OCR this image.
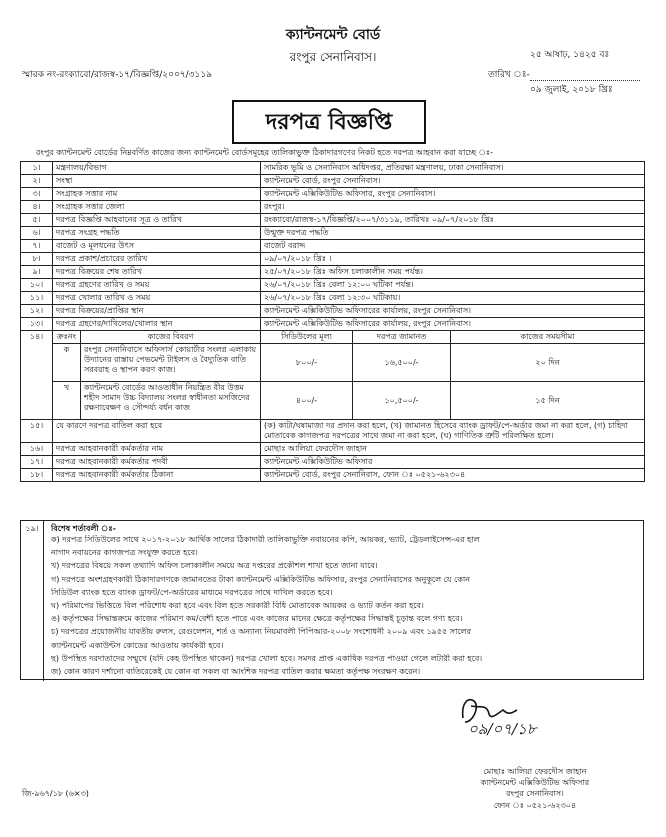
ক্যান্টনমেন্ট বোর্ড
রংপুর সেনানিবাস।	২৫ আষাঢ়, ১৪২৫ বঃ
স্মারক নং-রংক্যাবো/রাজস্ব-১৭/বিজ্ঞপ্তি/২০০৭/৩১১৯	তারিখ ঃ-
০৯ জুলাই, ২০১৮ খ্রিঃ
দরপত্র বিজ্ঞপ্তি
রংপুর ক্যান্টনমেন্ট বোর্ডের নিম্নবর্ণিত কাজের জন্য ক্যান্টনমেন্ট বোর্ডসমূহের তালিকাভুক্ত ঠিকাদারগণের নিকট হতে দরপত্র আহবান করা যাচ্ছে ঃ-
১।	মন্ত্রণালয়/বিভাগ		সামরিক ভূমি ও সেনানিবাস অধিদপ্তর, প্রতিরক্ষা মন্ত্রণালয়, ঢাকা সেনানিবাস।		
২।	সংস্থা		ক্যান্টনমেন্ট বোর্ড, রংপুর সেনানিবাস।		
৩।	সংগ্রাহক সত্তার নাম		ক্যান্টনমেন্ট এক্সিকিউটিভ অফিসার, রংপুর সেনানিবাস।		
৪।	সংগ্রাহক সত্তার জেলা		রংপুর।		
৫।	দরপত্র বিজ্ঞপ্তি আহবানের সূত্র ও তারিখ		রংক্যাবো/রাজস্ব-১৭/বিজ্ঞপ্তি/২০০৭/৩১১৯, তারিখঃ ০৯/০৭/২০১৮ খ্রিঃ		
৬।	দরপত্র সংগ্রহ পদ্ধতি		উন্মুক্ত দরপত্র পদ্ধতি		
৭।	বাজেট ও মূলধনের উৎস		বাজেট বরাদ্দ		
৮।	দরপত্র প্রকাশ/প্রচারের তারিখ		০৯/০৭/২০১৮ খ্রিঃ ।		
৯।	দরপত্র বিক্রয়ের শেষ তারিখ		২৫/০৭/২০১৮ খ্রিঃ অফিস চলাকালীন সময় পর্যন্ত।		
১০।	দরপত্র গ্রহণের তারিখ ও সময়		২৬/০৭/২০১৮ খ্রিঃ বেলা ১২:০০ ঘটিকা পর্যন্ত।		
১১।	দরপত্র খোলার তারিখ ও সময়		২৬/০৭/২০১৮ খ্রিঃ বেলা ১২:৩০ ঘটিকায়।		
১২।	দরপত্র বিক্রয়ের/প্রাপ্তির স্থান		ক্যান্টনমেন্ট এক্সিকিউটিভ অফিসারের কার্যালয়, রংপুর সেনানিবাস।		
১৩।	দরপত্র গ্রহণের/দাখিলের/খোলার স্থান		ক্যান্টনমেন্ট এক্সিকিউটিভ অফিসারের কার্যালয়, রংপুর সেনানিবাস।		
১৪।	ক্রঃনং	কাজের বিবরণ	সিডিউলের মূল্য	দরপত্র জামানত	কাজের সময়সীমা
	ক	রংপুর সেনানিবাসে অফিসার্স কোয়ার্টার সংলগ্ন এলাকায় উদ্যানের রাস্তায় পেভমেন্ট টাইলস ও বৈদ্যুতিক বাতি সরবরাহ ও স্থাপন করণ কাজ।	৮০০/-	১৬,৫০০/-	২০ দিন
	খ	ক্যান্টনমেন্ট বোর্ডের আওতাধীন নিয়ন্ত্রিত বীর উত্তম শহীদ সামাদ উচ্চ বিদ্যালয় সংলগ্ন স্বাধীনতা মসজিদের রক্ষণাবেক্ষণ ও সৌন্দর্য্য বর্ধন কাজ	৪০০/-	১০,৫০০/-	১৫ দিন
১৫।	যে কারণে দরপত্র বাতিল করা হবে		(ক) কাটা/ঘষামাজা দর প্রদান করা হলে, (খ) জামানত হিসেবে ব্যাংক ড্রাফট/পে-অর্ডার জমা না করা হলে, (গ) চাহিদা মোতাবেক কাগজপত্র দরপত্রের সাথে জমা না করা হলে, (ঘ) গাণিতিক ত্রুটি পরিলক্ষিত হলে।		
১৬।	দরপত্র আহবানকারী কর্মকর্তার নাম		মোছাঃ আলিয়া ফেরদৌস জাহান		
১৭।	দরপত্র আহবানকারী কর্মকর্তার পদবী		ক্যান্টনমেন্ট এক্সিকিউটিভ অফিসার		
১৮।	দরপত্র আহবানকারী কর্মকর্তার ঠিকানা		ক্যান্টনমেন্ট বোর্ড, রংপুর সেনানিবাস, ফোন ঃ ০৫২১-৬২৩০৪		
১৯।	বিশেষ শর্তাবলী ঃ-
ক) দরপত্র সিডিউলের সাথে ২০১৭-২০১৮ আর্থিক সালের ঠিকাদারী তালিকাভুক্তি নবায়নের কপি, আয়কর, ভ্যাট, ট্রেডলাইসেন্স-এর হাল
নাগাদ নবায়নের কাগজপত্র সংযুক্ত করতে হবে।
খ) দরপত্রের বিষয়ে সকল তথ্যাদি অফিস চলাকালীন সময়ে অত্র দপ্তরের প্রকৌশল শাখা হতে জানা যাবে।
গ) দরপত্রে অংশগ্রহণকারী ঠিকাদারগণকে জামানতের টাকা ক্যান্টনমেন্ট এক্সিকিউটিভ অফিসার, রংপুর সেনানিবাসের অনুকূলে যে কোন
সিডিউল ব্যাংক হতে ব্যাংক ড্রাফট/পে-অর্ডারের মাধ্যমে দরপত্রের সাথে দাখিল করতে হবে।
ঘ) পরিমাপের ভিত্তিতে বিল পরিশোধ করা হবে এবং বিল হতে সরকারী বিধি মোতাবেক আয়কর ও ভ্যাট কর্তন করা হবে।
ঙ) কর্তৃপক্ষের সিদ্ধান্তক্রমে কাজের পরিমাণ কম/বেশী হতে পারে এবং কাজের মানের ক্ষেত্রে কর্তৃপক্ষের সিদ্ধান্তই চূড়ান্ত বলে গণ্য হবে।
চ) দরপত্রের প্রয়োজনীয় যাবতীয় রুলস, রেগুলেশন, শর্ত ও অন্যান্য নিয়মাবলী পিপিআর-২০০৮ সংশোধনী ২০০৯ এবং ১৯৫৫ সালের
ক্যান্টনমেন্ট একাউন্টস কোডের আওতায় কার্যকরী হবে।
ছ) উপস্থিত দরদাতাদের সম্মুখে (যদি কেহ উপস্থিত থাকেন) দরপত্র খোলা হবে। সমদর প্রাপ্ত একাধিক দরপত্র পাওয়া গেলে লটারী করা হবে।
জ) কোন কারণ দর্শানো ব্যতিরেকেই যে কোন বা সকল বা আংশিক দরপত্র বাতিল করার ক্ষমতা কর্তৃপক্ষ সংরক্ষণ করেন।
০৯/০৭/১৮
মোছাঃ আলিয়া ফেরদৌস জাহান
ক্যান্টনমেন্ট এক্সিকিউটিভ অফিসার
রংপুর সেনানিবাস।
ফোন ঃ ০৫২১-৬২৩০৪
জি-৯৬৭/১৮ (৬×৩)
